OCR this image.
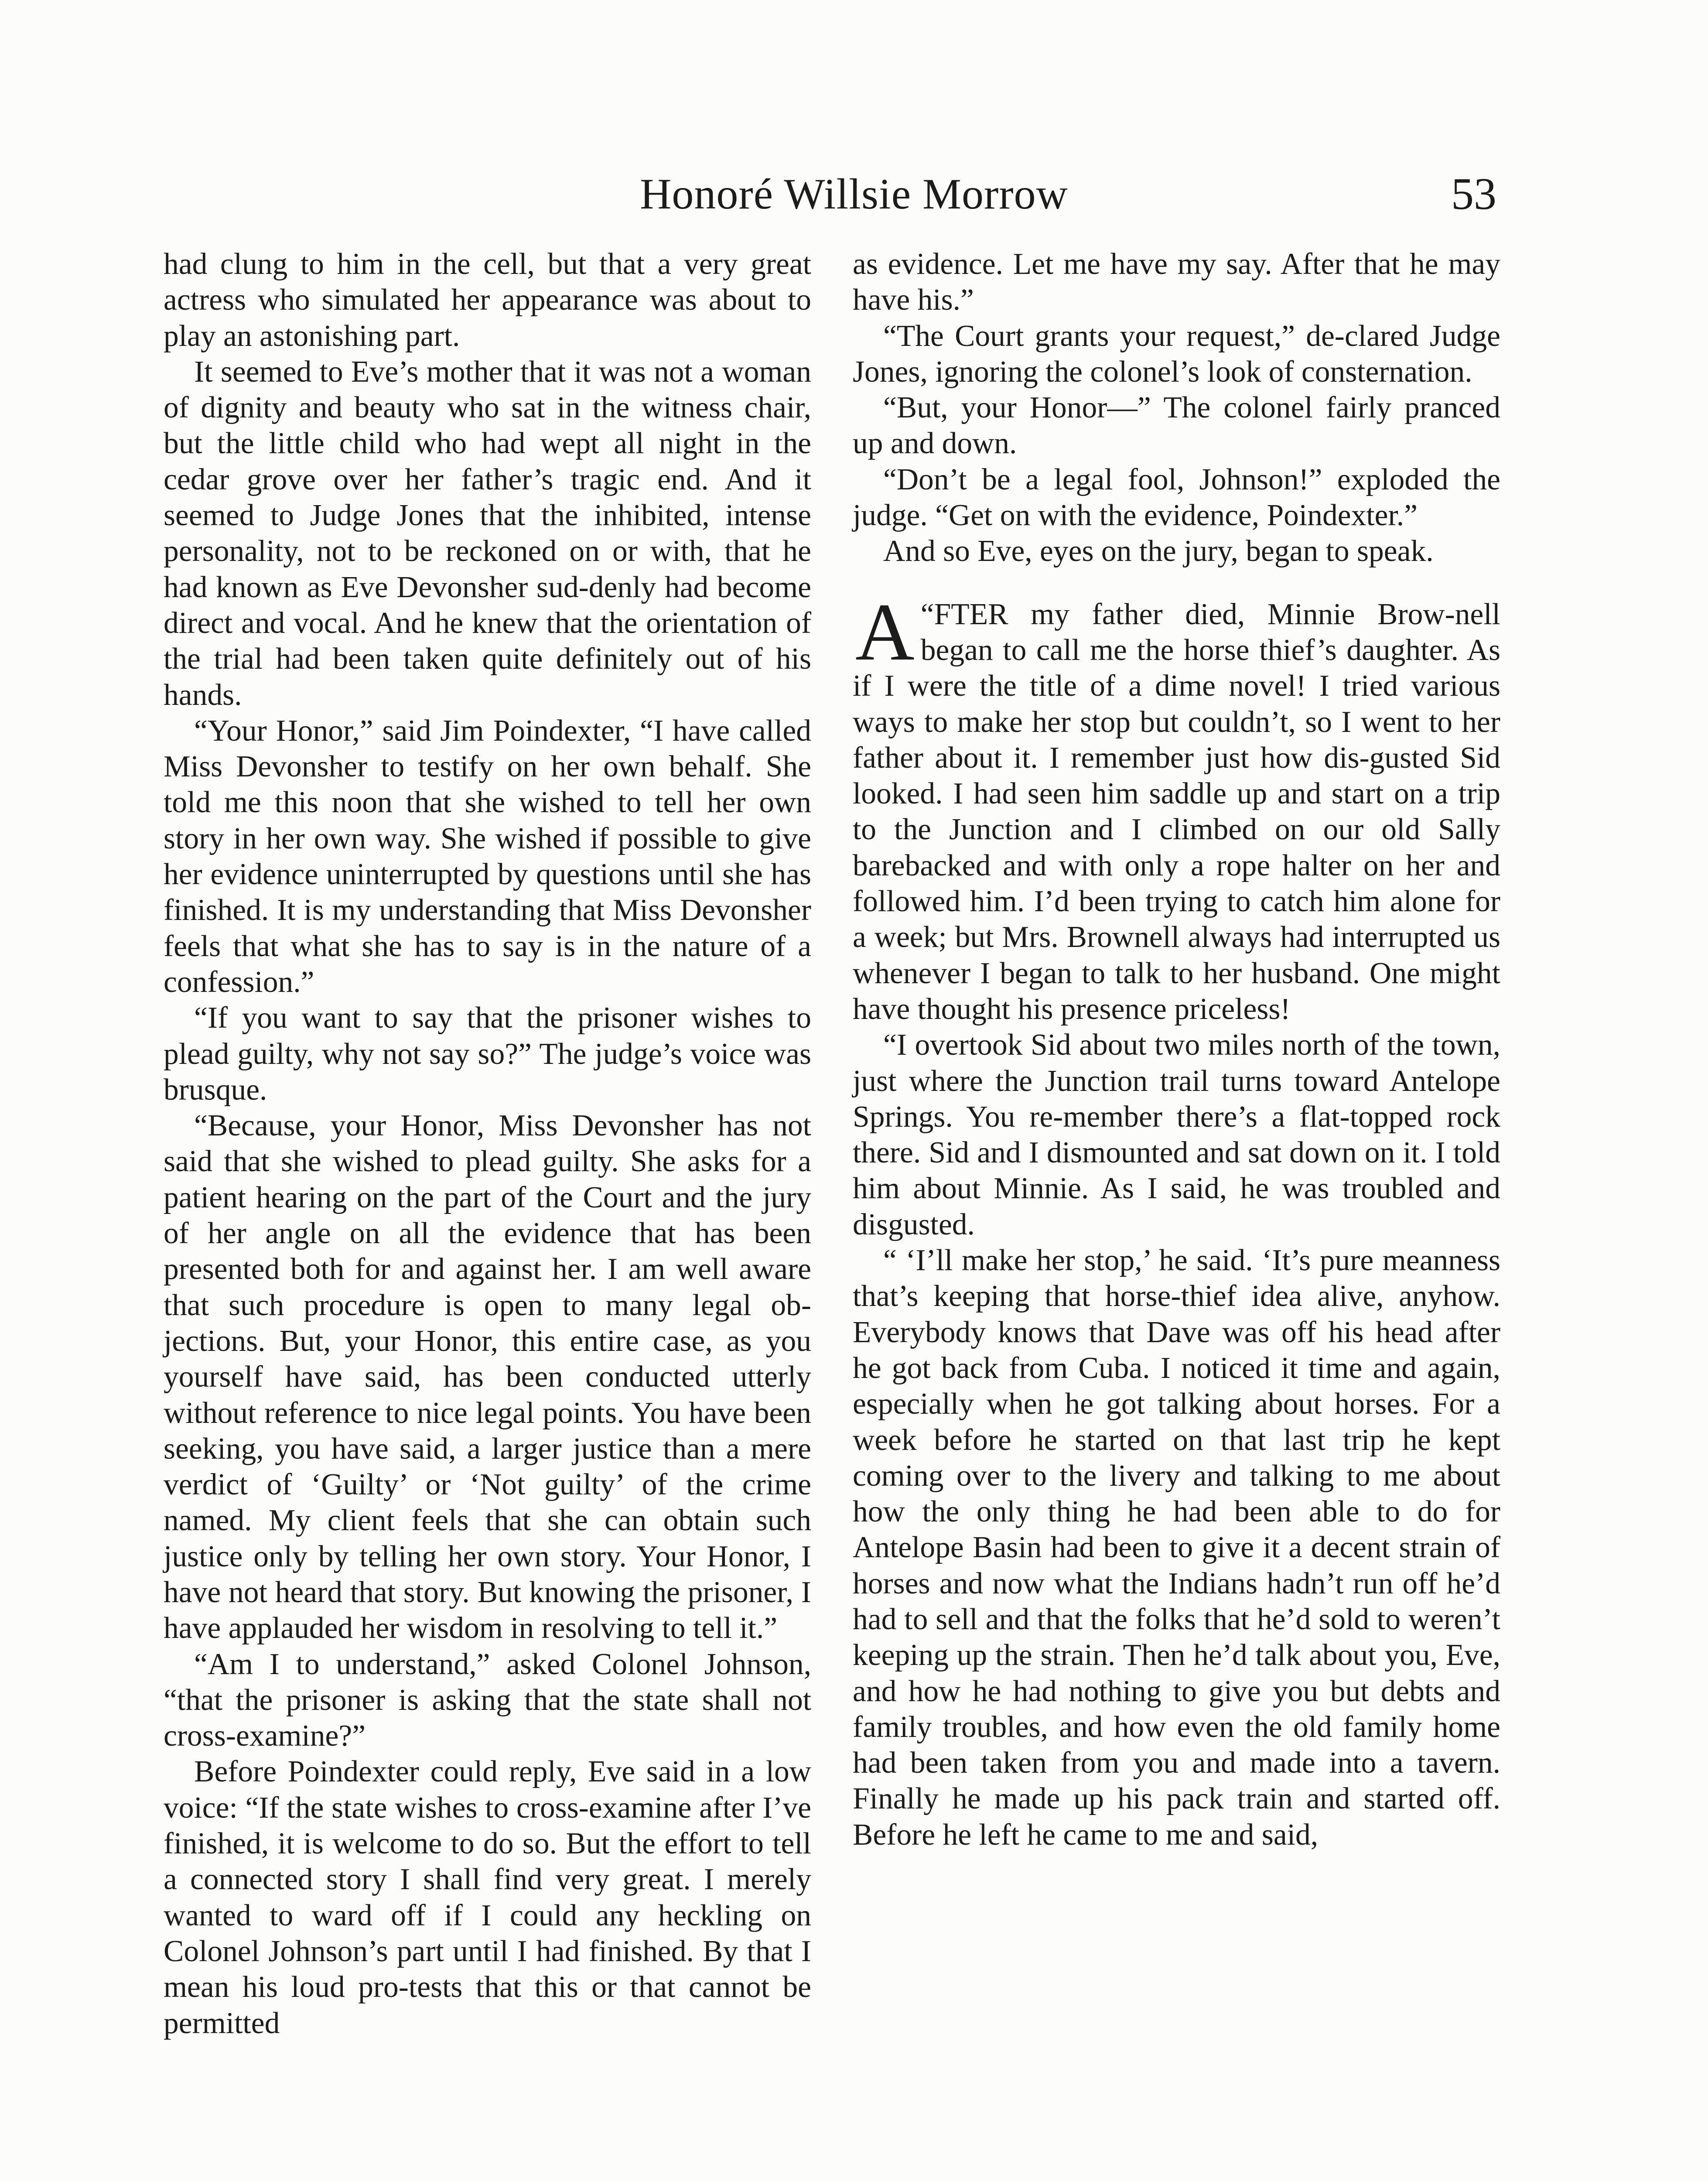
Honoré Willsie Morrow	53

had clung to him in the cell, but that a very great actress who simulated her appearance was about to play an astonishing part.

It seemed to Eve’s mother that it was not a woman of dignity and beauty who sat in the witness chair, but the little child who had wept all night in the cedar grove over her father’s tragic end. And it seemed to Judge Jones that the inhibited, intense personality, not to be reckoned on or with, that he had known as Eve Devonsher sud-denly had become direct and vocal. And he knew that the orientation of the trial had been taken quite definitely out of his hands.

“Your Honor,” said Jim Poindexter, “I have called Miss Devonsher to testify on her own behalf. She told me this noon that she wished to tell her own story in her own way. She wished if possible to give her evidence uninterrupted by questions until she has finished. It is my understanding that Miss Devonsher feels that what she has to say is in the nature of a confession.”

“If you want to say that the prisoner wishes to plead guilty, why not say so?” The judge’s voice was brusque.

“Because, your Honor, Miss Devonsher has not said that she wished to plead guilty. She asks for a patient hearing on the part of the Court and the jury of her angle on all the evidence that has been presented both for and against her. I am well aware that such procedure is open to many legal ob-jections. But, your Honor, this entire case, as you yourself have said, has been conducted utterly without reference to nice legal points. You have been seeking, you have said, a larger justice than a mere verdict of ‘Guilty’ or ‘Not guilty’ of the crime named. My client feels that she can obtain such justice only by telling her own story. Your Honor, I have not heard that story. But knowing the prisoner, I have applauded her wisdom in resolving to tell it.”

“Am I to understand,” asked Colonel Johnson, “that the prisoner is asking that the state shall not cross-examine?”

Before Poindexter could reply, Eve said in a low voice: “If the state wishes to cross-examine after I’ve finished, it is welcome to do so. But the effort to tell a connected story I shall find very great. I merely wanted to ward off if I could any heckling on Colonel Johnson’s part until I had finished. By that I mean his loud pro-tests that this or that cannot be permitted

as evidence. Let me have my say. After that he may have his.”

“The Court grants your request,” de-clared Judge Jones, ignoring the colonel’s look of consternation.

“But, your Honor—” The colonel fairly pranced up and down.

“Don’t be a legal fool, Johnson!” exploded the judge. “Get on with the evidence, Poindexter.”

And so Eve, eyes on the jury, began to speak.

“
A FTER my father died, Minnie Brow-nell began to call me the horse thief’s daughter. As if I were the title of a dime novel! I tried various ways to make her stop but couldn’t, so I went to her father about it. I remember just how dis-gusted Sid looked. I had seen him saddle up and start on a trip to the Junction and I climbed on our old Sally barebacked and with only a rope halter on her and followed him. I’d been trying to catch him alone for a week; but Mrs. Brownell always had interrupted us whenever I began to talk to her husband. One might have thought his presence priceless!

“I overtook Sid about two miles north of the town, just where the Junction trail turns toward Antelope Springs. You re-member there’s a flat-topped rock there. Sid and I dismounted and sat down on it. I told him about Minnie. As I said, he was troubled and disgusted.

“ ‘I’ll make her stop,’ he said. ‘It’s pure meanness that’s keeping that horse-thief idea alive, anyhow. Everybody knows that Dave was off his head after he got back from Cuba. I noticed it time and again, especially when he got talking about horses. For a week before he started on that last trip he kept coming over to the livery and talking to me about how the only thing he had been able to do for Antelope Basin had been to give it a decent strain of horses and now what the Indians hadn’t run off he’d had to sell and that the folks that he’d sold to weren’t keeping up the strain. Then he’d talk about you, Eve, and how he had nothing to give you but debts and family troubles, and how even the old family home had been taken from you and made into a tavern. Finally he made up his pack train and started off. Before he left he came to me and said,
